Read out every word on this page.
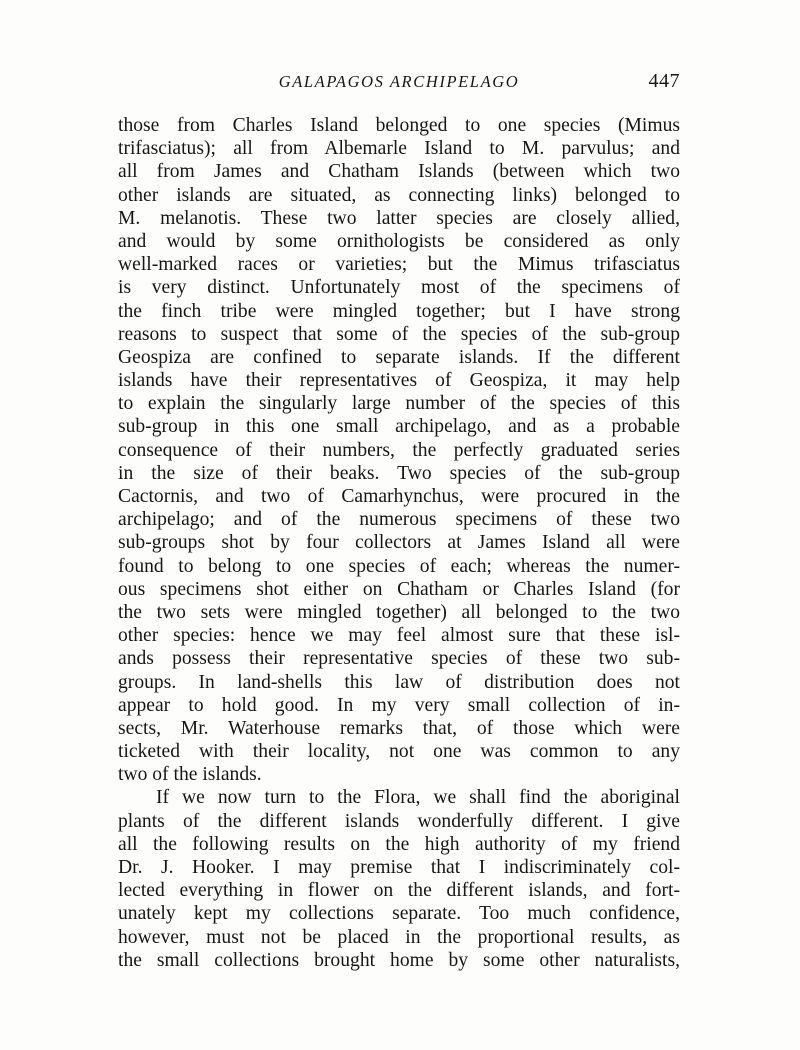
GALAPAGOS ARCHIPELAGO	447
those from Charles Island belonged to one species (Mimus
trifasciatus); all from Albemarle Island to M. parvulus; and
all from James and Chatham Islands (between which two
other islands are situated, as connecting links) belonged to
M. melanotis. These two latter species are closely allied,
and would by some ornithologists be considered as only
well-marked races or varieties; but the Mimus trifasciatus
is very distinct. Unfortunately most of the specimens of
the finch tribe were mingled together; but I have strong
reasons to suspect that some of the species of the sub-group
Geospiza are confined to separate islands. If the different
islands have their representatives of Geospiza, it may help
to explain the singularly large number of the species of this
sub-group in this one small archipelago, and as a probable
consequence of their numbers, the perfectly graduated series
in the size of their beaks. Two species of the sub-group
Cactornis, and two of Camarhynchus, were procured in the
archipelago; and of the numerous specimens of these two
sub-groups shot by four collectors at James Island all were
found to belong to one species of each; whereas the numer-
ous specimens shot either on Chatham or Charles Island (for
the two sets were mingled together) all belonged to the two
other species: hence we may feel almost sure that these isl-
ands possess their representative species of these two sub-
groups. In land-shells this law of distribution does not
appear to hold good. In my very small collection of in-
sects, Mr. Waterhouse remarks that, of those which were
ticketed with their locality, not one was common to any
two of the islands.
If we now turn to the Flora, we shall find the aboriginal
plants of the different islands wonderfully different. I give
all the following results on the high authority of my friend
Dr. J. Hooker. I may premise that I indiscriminately col-
lected everything in flower on the different islands, and fort-
unately kept my collections separate. Too much confidence,
however, must not be placed in the proportional results, as
the small collections brought home by some other naturalists,
